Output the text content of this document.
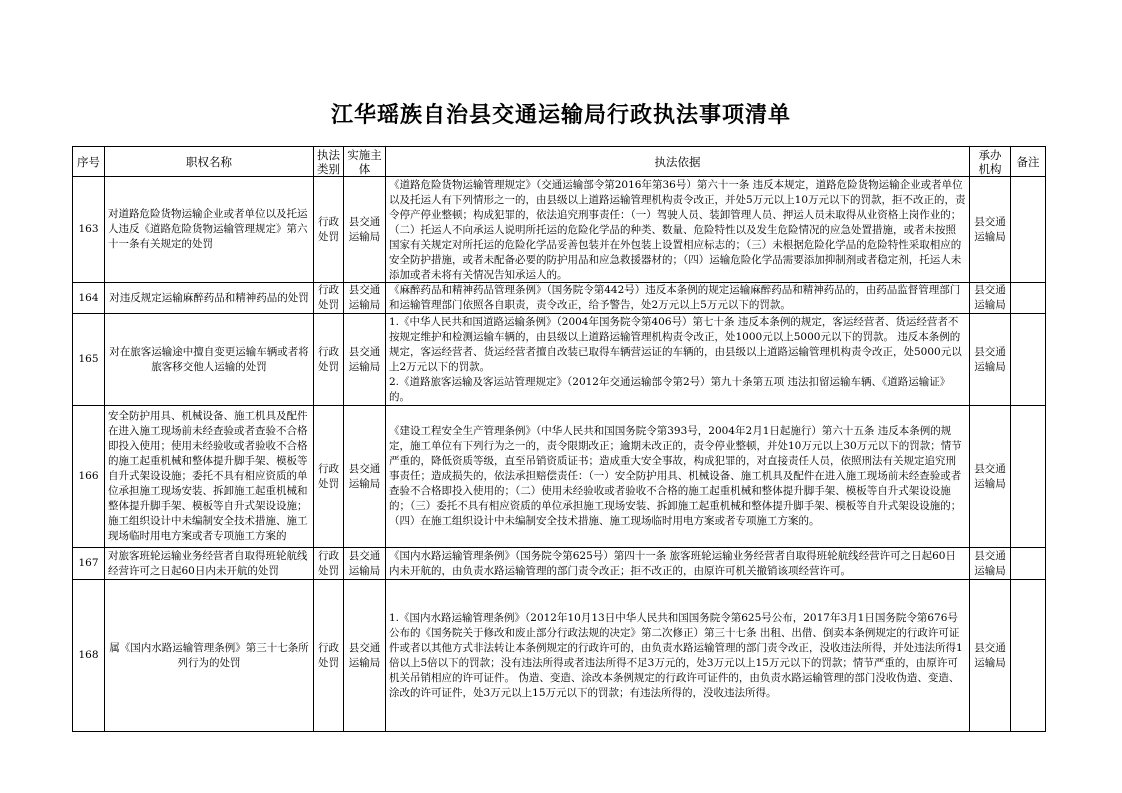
江华瑶族自治县交通运输局行政执法事项清单
序号	职权名称	执法类别	实施主体	执法依据	承办机构	备注
163	对道路危险货物运输企业或者单位以及托运人违反《道路危险货物运输管理规定》第六十一条有关规定的处罚	行政处罚	县交通运输局	《道路危险货物运输管理规定》（交通运输部令第2016年第36号）第六十一条 违反本规定，道路危险货物运输企业或者单位以及托运人有下列情形之一的，由县级以上道路运输管理机构责令改正，并处5万元以上10万元以下的罚款，拒不改正的，责令停产停业整顿；构成犯罪的，依法追究刑事责任：（一）驾驶人员、装卸管理人员、押运人员未取得从业资格上岗作业的；（二）托运人不向承运人说明所托运的危险化学品的种类、数量、危险特性以及发生危险情况的应急处置措施，或者未按照国家有关规定对所托运的危险化学品妥善包装并在外包装上设置相应标志的；（三）未根据危险化学品的危险特性采取相应的安全防护措施，或者未配备必要的防护用品和应急救援器材的；（四）运输危险化学品需要添加抑制剂或者稳定剂，托运人未添加或者未将有关情况告知承运人的。	县交通运输局	
164	对违反规定运输麻醉药品和精神药品的处罚	行政处罚	县交通运输局	《麻醉药品和精神药品管理条例》（国务院令第442号）违反本条例的规定运输麻醉药品和精神药品的，由药品监督管理部门和运输管理部门依照各自职责，责令改正，给予警告，处2万元以上5万元以下的罚款。	县交通运输局	
165	对在旅客运输途中擅自变更运输车辆或者将旅客移交他人运输的处罚	行政处罚	县交通运输局	1.《中华人民共和国道路运输条例》（2004年国务院令第406号）第七十条 违反本条例的规定，客运经营者、货运经营者不按规定维护和检测运输车辆的，由县级以上道路运输管理机构责令改正，处1000元以上5000元以下的罚款。 违反本条例的规定，客运经营者、货运经营者擅自改装已取得车辆营运证的车辆的，由县级以上道路运输管理机构责令改正，处5000元以上2万元以下的罚款。

2.《道路旅客运输及客运站管理规定》（2012年交通运输部令第2号）第九十条第五项 违法扣留运输车辆、《道路运输证》的。	县交通运输局	
166	安全防护用具、机械设备、施工机具及配件在进入施工现场前未经查验或者查验不合格即投入使用；使用未经验收或者验收不合格的施工起重机械和整体提升脚手架、模板等自升式架设设施；委托不具有相应资质的单位承担施工现场安装、拆卸施工起重机械和整体提升脚手架、模板等自升式架设设施；施工组织设计中未编制安全技术措施、施工现场临时用电方案或者专项施工方案的	行政处罚	县交通运输局	《建设工程安全生产管理条例》（中华人民共和国国务院令第393号，2004年2月1日起施行）第六十五条 违反本条例的规定，施工单位有下列行为之一的，责令限期改正；逾期未改正的，责令停业整顿，并处10万元以上30万元以下的罚款；情节严重的，降低资质等级，直至吊销资质证书；造成重大安全事故，构成犯罪的，对直接责任人员，依照刑法有关规定追究刑事责任；造成损失的，依法承担赔偿责任：（一）安全防护用具、机械设备、施工机具及配件在进入施工现场前未经查验或者查验不合格即投入使用的；（二）使用未经验收或者验收不合格的施工起重机械和整体提升脚手架、模板等自升式架设设施的；（三）委托不具有相应资质的单位承担施工现场安装、拆卸施工起重机械和整体提升脚手架、模板等自升式架设设施的；（四）在施工组织设计中未编制安全技术措施、施工现场临时用电方案或者专项施工方案的。	县交通运输局	
167	对旅客班轮运输业务经营者自取得班轮航线经营许可之日起60日内未开航的处罚	行政处罚	县交通运输局	《国内水路运输管理条例》（国务院令第625号）第四十一条 旅客班轮运输业务经营者自取得班轮航线经营许可之日起60日内未开航的，由负责水路运输管理的部门责令改正；拒不改正的，由原许可机关撤销该项经营许可。	县交通运输局	
168	属《国内水路运输管理条例》第三十七条所列行为的处罚	行政处罚	县交通运输局	1.《国内水路运输管理条例》（2012年10月13日中华人民共和国国务院令第625号公布，2017年3月1日国务院令第676号公布的《国务院关于修改和废止部分行政法规的决定》第二次修正）第三十七条 出租、出借、倒卖本条例规定的行政许可证件或者以其他方式非法转让本条例规定的行政许可的，由负责水路运输管理的部门责令改正，没收违法所得，并处违法所得1倍以上5倍以下的罚款；没有违法所得或者违法所得不足3万元的，处3万元以上15万元以下的罚款；情节严重的，由原许可机关吊销相应的许可证件。 伪造、变造、涂改本条例规定的行政许可证件的，由负责水路运输管理的部门没收伪造、变造、涂改的许可证件，处3万元以上15万元以下的罚款；有违法所得的，没收违法所得。	县交通运输局	
